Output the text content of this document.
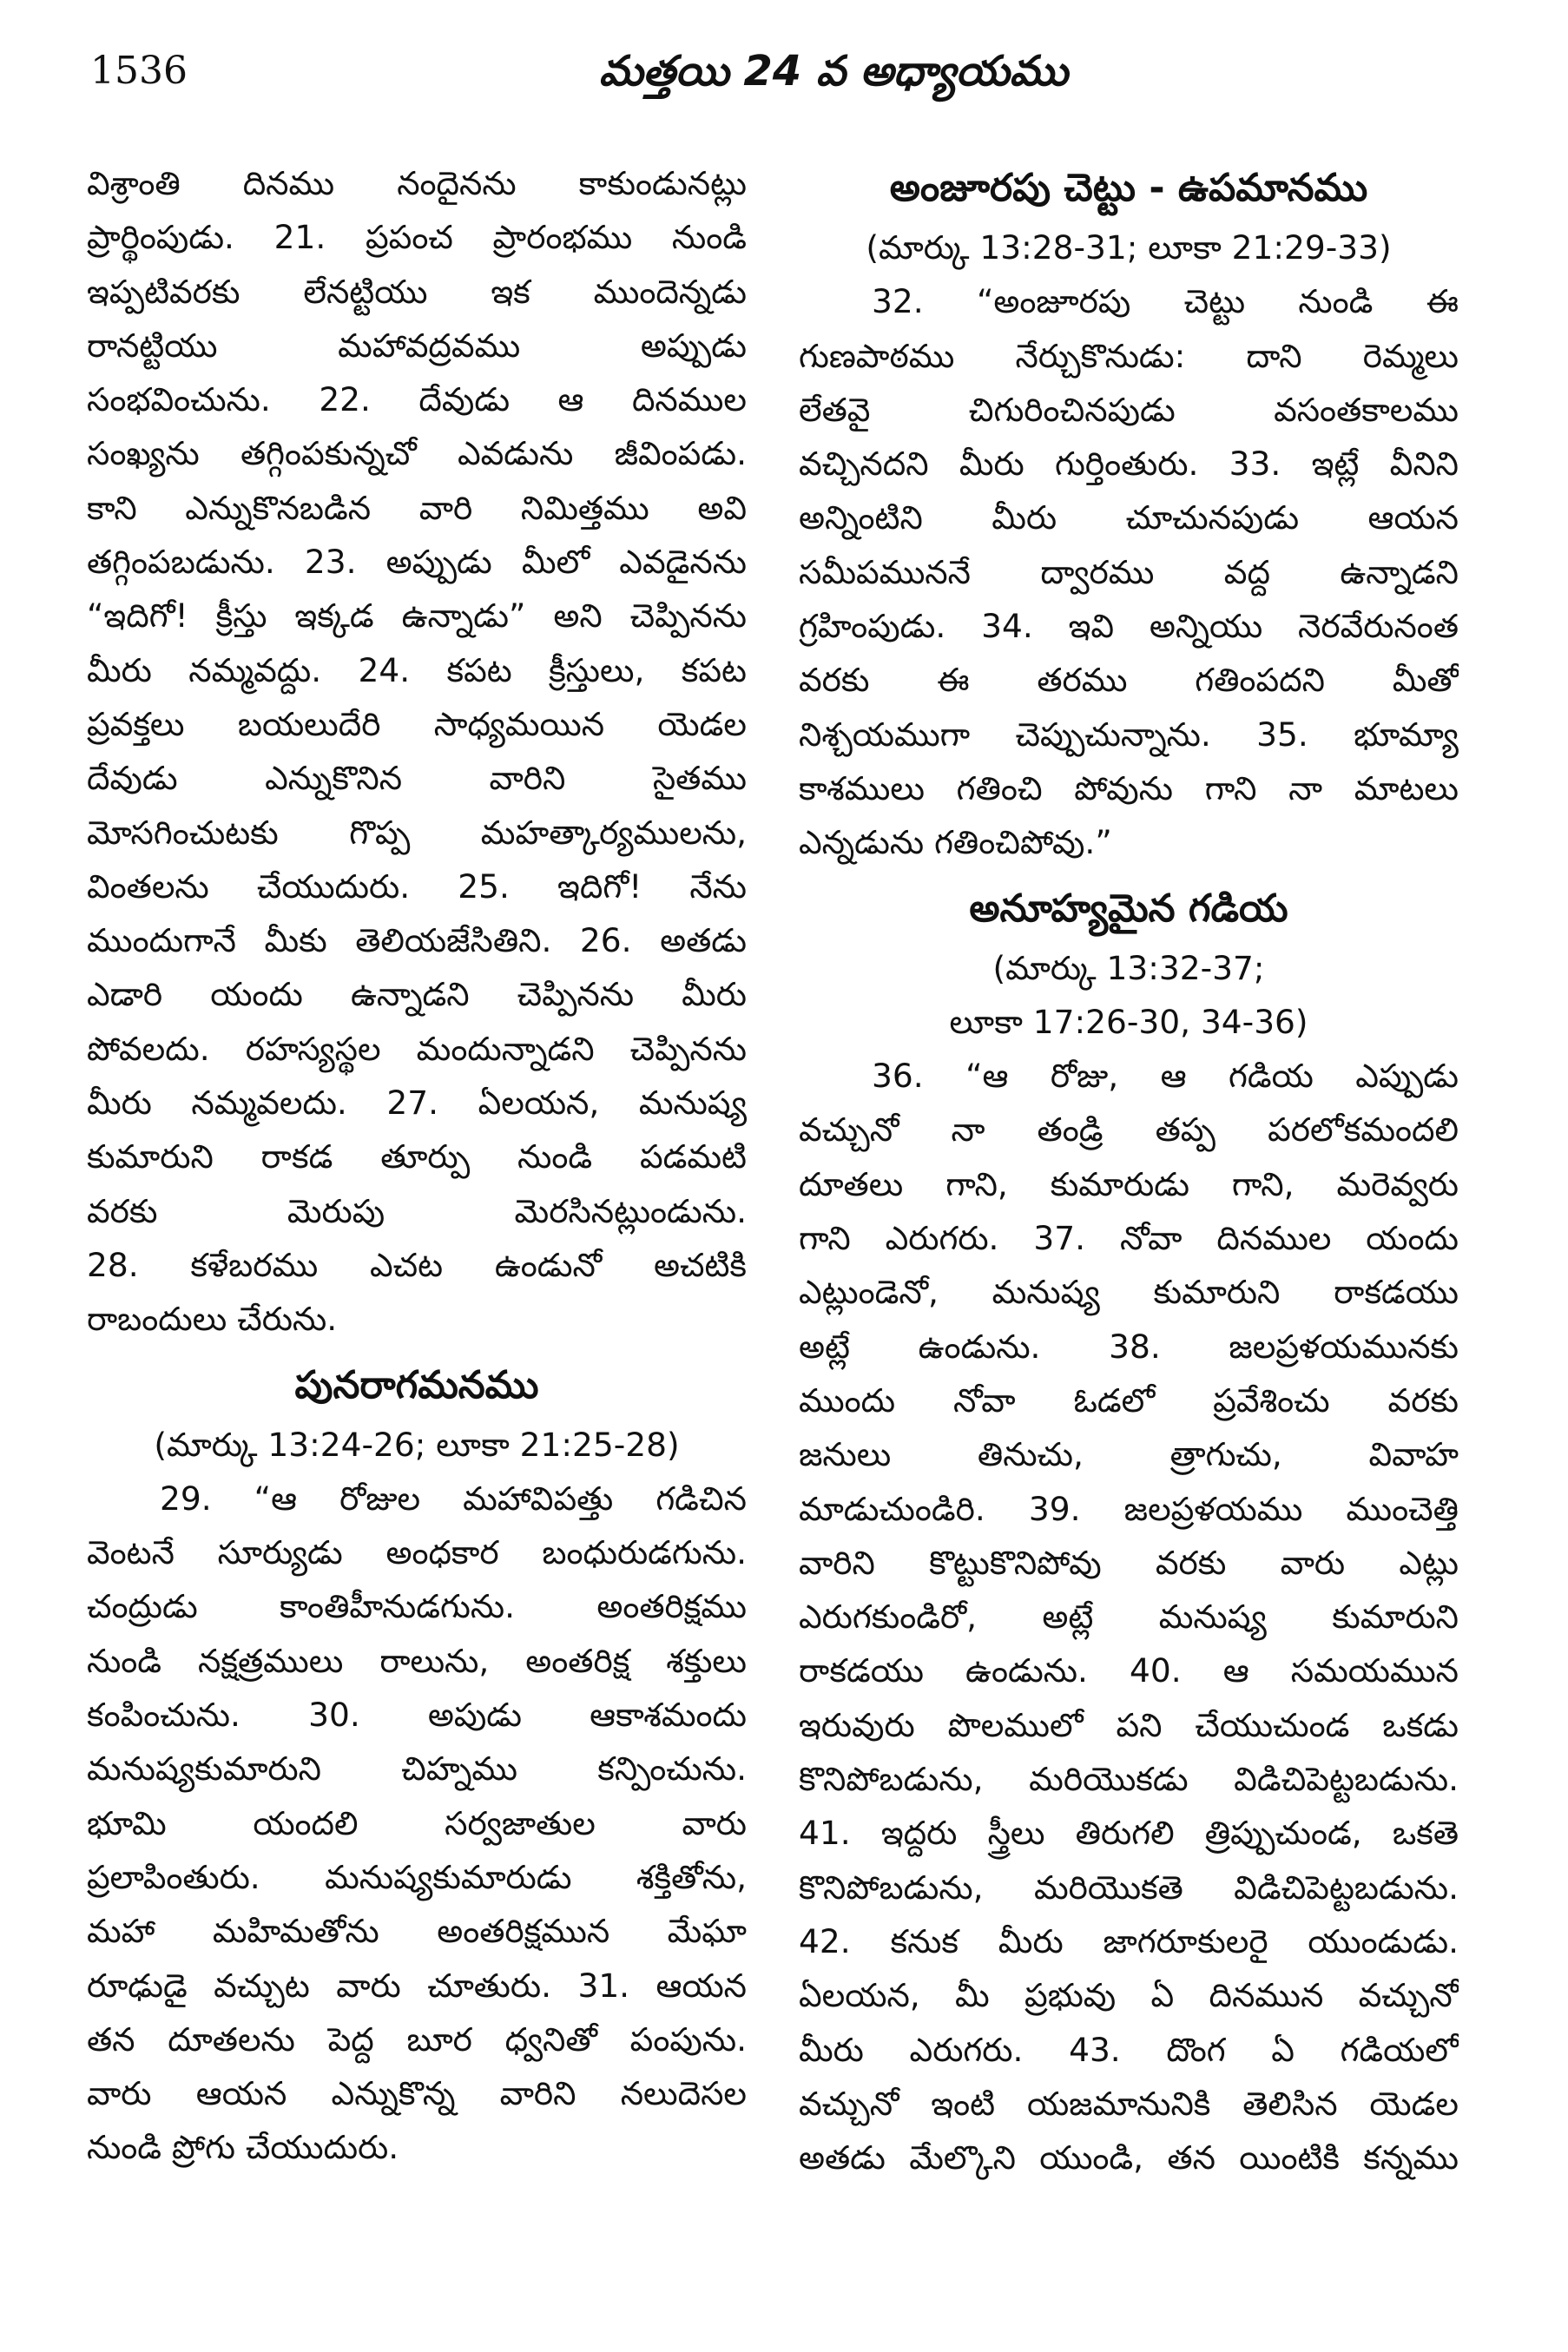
1536	మత్తయి 24 వ అధ్యాయము
విశ్రాంతి దినము నందైనను కాకుండునట్లు
ప్రార్థింపుడు. 21. ప్రపంచ ప్రారంభము నుండి
ఇప్పటివరకు లేనట్టియు ఇక ముందెన్నడు
రానట్టియు మహావద్రవము అప్పుడు
సంభవించును. 22. దేవుడు ఆ దినముల
సంఖ్యను తగ్గింపకున్నచో ఎవడును జీవింపడు.
కాని ఎన్నుకొనబడిన వారి నిమిత్తము అవి
తగ్గింపబడును. 23. అప్పుడు మీలో ఎవడైనను
“ఇదిగో! క్రీస్తు ఇక్కడ ఉన్నాడు” అని చెప్పినను
మీరు నమ్మవద్దు. 24. కపట క్రీస్తులు, కపట
ప్రవక్తలు బయలుదేరి సాధ్యమయిన యెడల
దేవుడు ఎన్నుకొనిన వారిని సైతము
మోసగించుటకు గొప్ప మహత్కార్యములను,
వింతలను చేయుదురు. 25. ఇదిగో! నేను
ముందుగానే మీకు తెలియజేసితిని. 26. అతడు
ఎడారి యందు ఉన్నాడని చెప్పినను మీరు
పోవలదు. రహస్యస్థల మందున్నాడని చెప్పినను
మీరు నమ్మవలదు. 27. ఏలయన, మనుష్య
కుమారుని రాకడ తూర్పు నుండి పడమటి
వరకు మెరుపు మెరసినట్లుండును.
28. కళేబరము ఎచట ఉండునో అచటికి
రాబందులు చేరును.
పునరాగమనము
(మార్కు 13:24-26; లూకా 21:25-28)
29. “ఆ రోజుల మహావిపత్తు గడిచిన
వెంటనే సూర్యుడు అంధకార బంధురుడగును.
చంద్రుడు కాంతిహీనుడగును. అంతరిక్షము
నుండి నక్షత్రములు రాలును, అంతరిక్ష శక్తులు
కంపించును. 30. అపుడు ఆకాశమందు
మనుష్యకుమారుని చిహ్నము కన్పించును.
భూమి యందలి సర్వజాతుల వారు
ప్రలాపింతురు. మనుష్యకుమారుడు శక్తితోను,
మహా మహిమతోను అంతరిక్షమున మేఘా
రూఢుడై వచ్చుట వారు చూతురు. 31. ఆయన
తన దూతలను పెద్ద బూర ధ్వనితో పంపును.
వారు ఆయన ఎన్నుకొన్న వారిని నలుదెసల
నుండి ప్రోగు చేయుదురు.
అంజూరపు చెట్టు - ఉపమానము
(మార్కు 13:28-31; లూకా 21:29-33)
32. “అంజూరపు చెట్టు నుండి ఈ
గుణపాఠము నేర్చుకొనుడు: దాని రెమ్మలు
లేతవై చిగురించినపుడు వసంతకాలము
వచ్చినదని మీరు గుర్తింతురు. 33. ఇట్లే వీనిని
అన్నింటిని మీరు చూచునపుడు ఆయన
సమీపముననే ద్వారము వద్ద ఉన్నాడని
గ్రహింపుడు. 34. ఇవి అన్నియు నెరవేరునంత
వరకు ఈ తరము గతింపదని మీతో
నిశ్చయముగా చెప్పుచున్నాను. 35. భూమ్యా
కాశములు గతించి పోవును గాని నా మాటలు
ఎన్నడును గతించిపోవు.”
అనూహ్యమైన గడియ
(మార్కు 13:32-37;
లూకా 17:26-30, 34-36)
36. “ఆ రోజు, ఆ గడియ ఎప్పుడు
వచ్చునో నా తండ్రి తప్ప పరలోకమందలి
దూతలు గాని, కుమారుడు గాని, మరెవ్వరు
గాని ఎరుగరు. 37. నోవా దినముల యందు
ఎట్లుండెనో, మనుష్య కుమారుని రాకడయు
అట్లే ఉండును. 38. జలప్రళయమునకు
ముందు నోవా ఓడలో ప్రవేశించు వరకు
జనులు తినుచు, త్రాగుచు, వివాహ
మాడుచుండిరి. 39. జలప్రళయము ముంచెత్తి
వారిని కొట్టుకొనిపోవు వరకు వారు ఎట్లు
ఎరుగకుండిరో, అట్లే మనుష్య కుమారుని
రాకడయు ఉండును. 40. ఆ సమయమున
ఇరువురు పొలములో పని చేయుచుండ ఒకడు
కొనిపోబడును, మరియొకడు విడిచిపెట్టబడును.
41. ఇద్దరు స్త్రీలు తిరుగలి త్రిప్పుచుండ, ఒకతె
కొనిపోబడును, మరియొకతె విడిచిపెట్టబడును.
42. కనుక మీరు జాగరూకులరై యుండుడు.
ఏలయన, మీ ప్రభువు ఏ దినమున వచ్చునో
మీరు ఎరుగరు. 43. దొంగ ఏ గడియలో
వచ్చునో ఇంటి యజమానునికి తెలిసిన యెడల
అతడు మేల్కొని యుండి, తన యింటికి కన్నము
